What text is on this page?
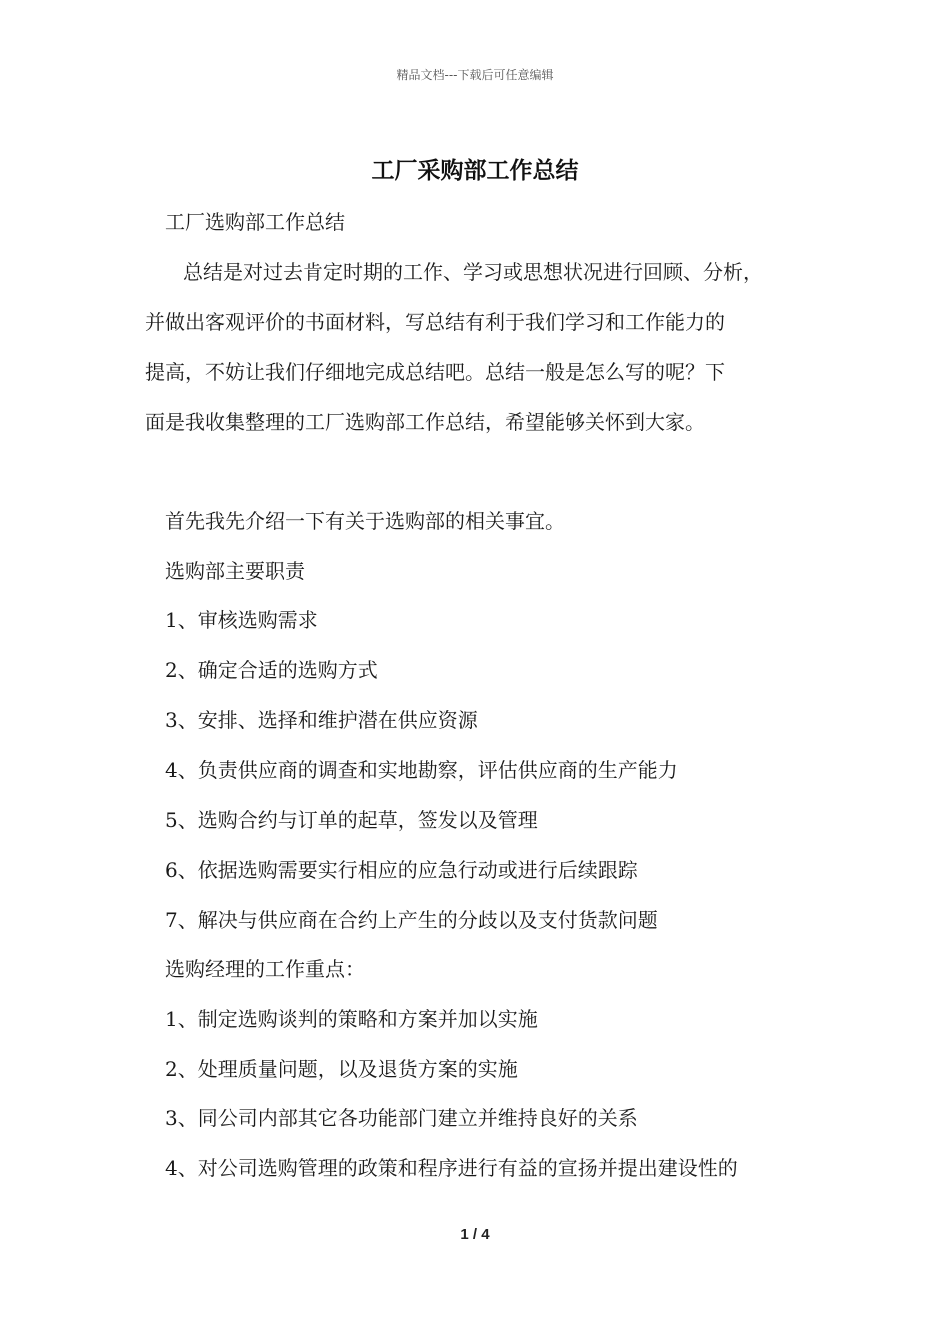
精品文档---下载后可任意编辑
工厂采购部工作总结
工厂选购部工作总结
总结是对过去肯定时期的工作、学习或思想状况进行回顾、分析，
并做出客观评价的书面材料，写总结有利于我们学习和工作能力的
提高，不妨让我们仔细地完成总结吧。总结一般是怎么写的呢？下
面是我收集整理的工厂选购部工作总结，希望能够关怀到大家。
首先我先介绍一下有关于选购部的相关事宜。
选购部主要职责
1、审核选购需求
2、确定合适的选购方式
3、安排、选择和维护潜在供应资源
4、负责供应商的调查和实地勘察，评估供应商的生产能力
5、选购合约与订单的起草，签发以及管理
6、依据选购需要实行相应的应急行动或进行后续跟踪
7、解决与供应商在合约上产生的分歧以及支付货款问题
选购经理的工作重点：
1、制定选购谈判的策略和方案并加以实施
2、处理质量问题，以及退货方案的实施
3、同公司内部其它各功能部门建立并维持良好的关系
4、对公司选购管理的政策和程序进行有益的宣扬并提出建设性的
1 / 4
